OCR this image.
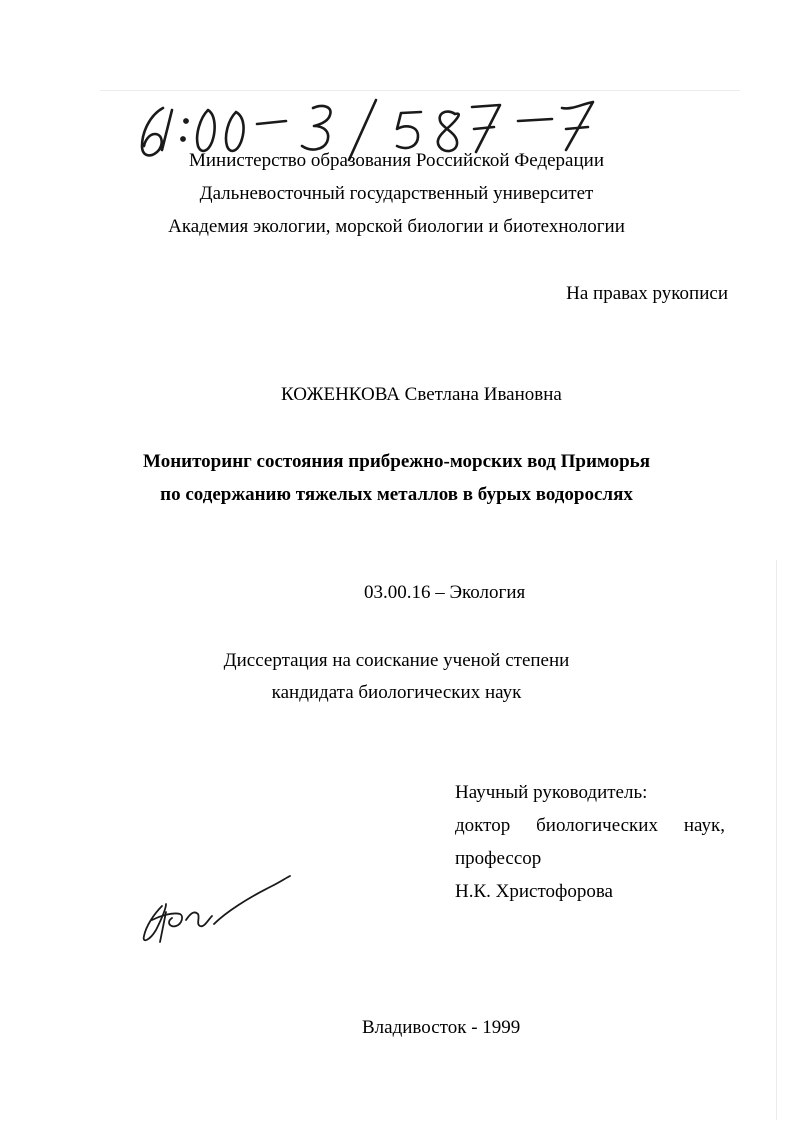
Министерство образования Российской Федерации
Дальневосточный государственный университет
Академия экологии, морской биологии и биотехнологии
На правах рукописи
КОЖЕНКОВА Светлана Ивановна
Мониторинг состояния прибрежно-морских вод Приморья
по содержанию тяжелых металлов в бурых водорослях
03.00.16 – Экология
Диссертация на соискание ученой степени
кандидата биологических наук
Научный руководитель:
доктор биологических наук,
профессор
Н.К. Христофорова
Владивосток - 1999
